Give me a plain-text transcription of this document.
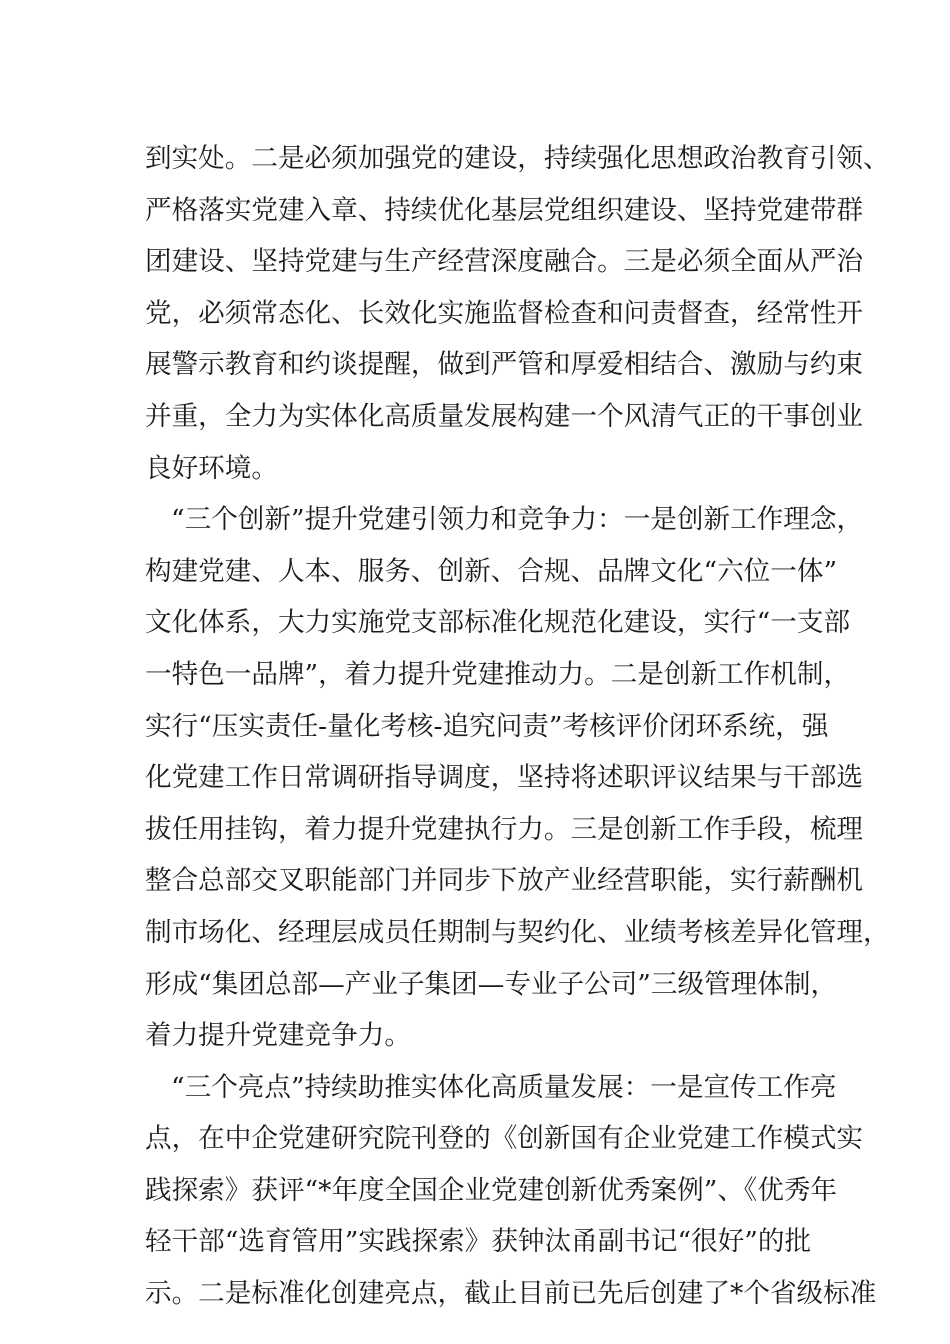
到实处。二是必须加强党的建设，持续强化思想政治教育引领、
严格落实党建入章、持续优化基层党组织建设、坚持党建带群
团建设、坚持党建与生产经营深度融合。三是必须全面从严治
党，必须常态化、长效化实施监督检查和问责督查，经常性开
展警示教育和约谈提醒，做到严管和厚爱相结合、激励与约束
并重，全力为实体化高质量发展构建一个风清气正的干事创业
良好环境。
“三个创新”提升党建引领力和竞争力：一是创新工作理念，
构建党建、人本、服务、创新、合规、品牌文化“六位一体”
文化体系，大力实施党支部标准化规范化建设，实行“一支部
一特色一品牌”，着力提升党建推动力。二是创新工作机制，
实行“压实责任-量化考核-追究问责”考核评价闭环系统，强
化党建工作日常调研指导调度，坚持将述职评议结果与干部选
拔任用挂钩，着力提升党建执行力。三是创新工作手段，梳理
整合总部交叉职能部门并同步下放产业经营职能，实行薪酬机
制市场化、经理层成员任期制与契约化、业绩考核差异化管理，
形成“集团总部—产业子集团—专业子公司”三级管理体制，
着力提升党建竞争力。
“三个亮点”持续助推实体化高质量发展：一是宣传工作亮
点，在中企党建研究院刊登的《创新国有企业党建工作模式实
践探索》获评“*年度全国企业党建创新优秀案例”、《优秀年
轻干部“选育管用”实践探索》获钟汰甬副书记“很好”的批
示。二是标准化创建亮点，截止目前已先后创建了*个省级标准
